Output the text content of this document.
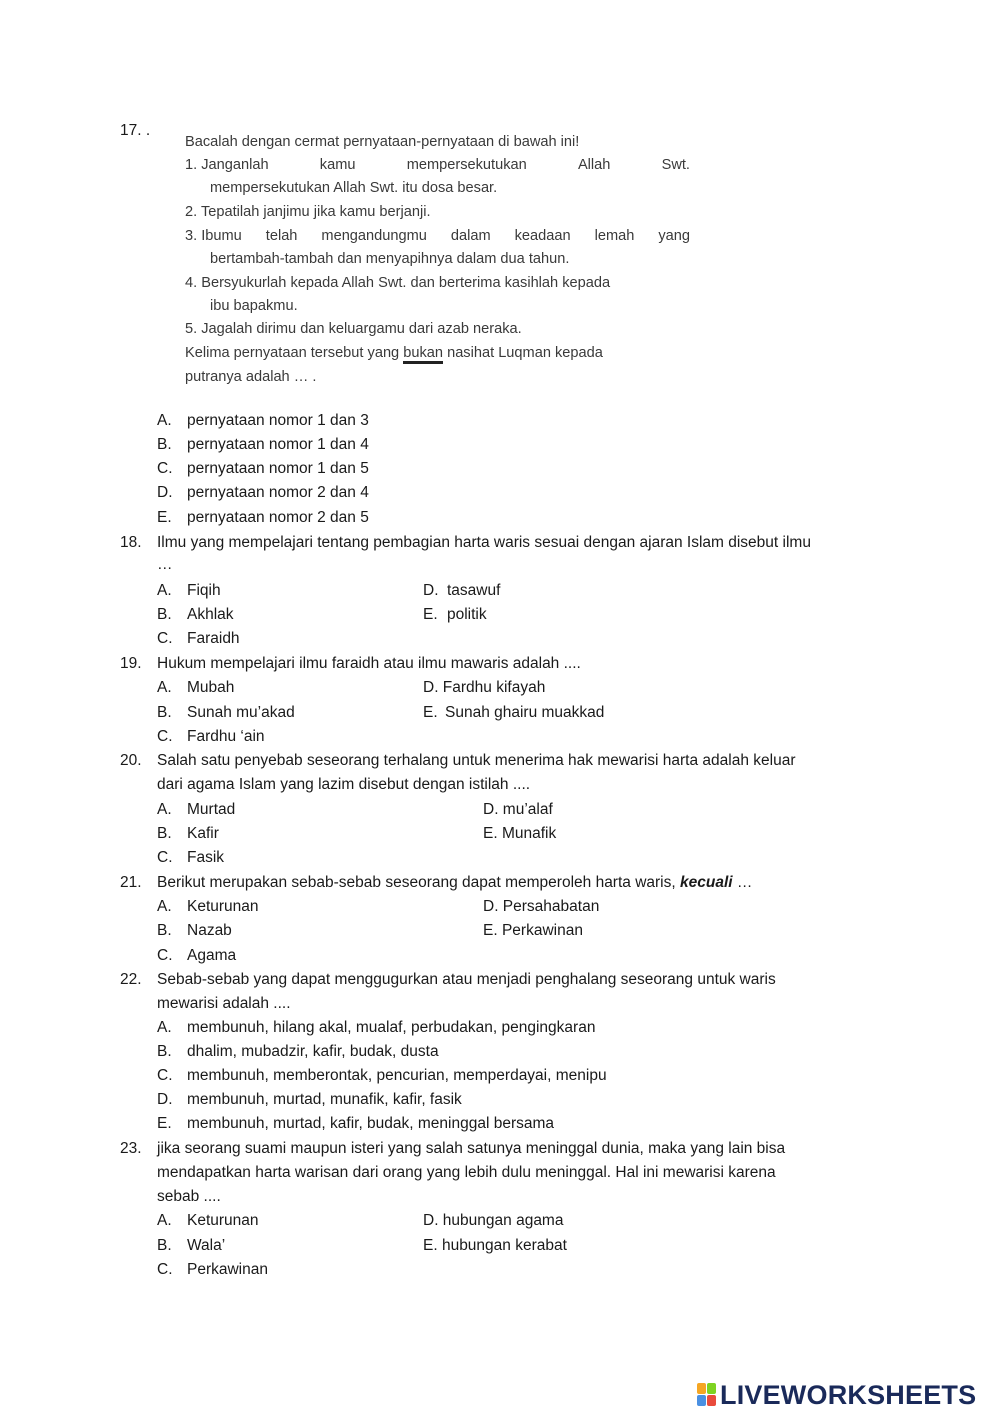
17. .
Bacalah dengan cermat pernyataan-pernyataan di bawah ini!
1. Janganlah	kamu	mempersekutukan	Allah	Swt.
mempersekutukan Allah Swt. itu dosa besar.
2. Tepatilah janjimu jika kamu berjanji.
3. Ibumu telah mengandungmu dalam keadaan lemah yang
bertambah-tambah dan menyapihnya dalam dua tahun.
4. Bersyukurlah kepada Allah Swt. dan berterima kasihlah kepada
ibu bapakmu.
5. Jagalah dirimu dan keluargamu dari azab neraka.
Kelima pernyataan tersebut yang bukan nasihat Luqman kepada
putranya adalah … .
A. pernyataan nomor 1 dan 3
B. pernyataan nomor 1 dan 4
C. pernyataan nomor 1 dan 5
D. pernyataan nomor 2 dan 4
E. pernyataan nomor 2 dan 5
18. Ilmu yang mempelajari tentang pembagian harta waris sesuai dengan ajaran Islam disebut ilmu
…
A. Fiqih	D. tasawuf
B. Akhlak	E. politik
C. Faraidh
19. Hukum mempelajari ilmu faraidh atau ilmu mawaris adalah ....
A. Mubah	D. Fardhu kifayah
B. Sunah mu’akad	E. Sunah ghairu muakkad
C. Fardhu ‘ain
20. Salah satu penyebab seseorang terhalang untuk menerima hak mewarisi harta adalah keluar
dari agama Islam yang lazim disebut dengan istilah ....
A. Murtad	D. mu’alaf
B. Kafir	E. Munafik
C. Fasik
21. Berikut merupakan sebab-sebab seseorang dapat memperoleh harta waris, kecuali …
A. Keturunan	D. Persahabatan
B. Nazab	E. Perkawinan
C. Agama
22. Sebab-sebab yang dapat menggugurkan atau menjadi penghalang seseorang untuk waris
mewarisi adalah ....
A. membunuh, hilang akal, mualaf, perbudakan, pengingkaran
B. dhalim, mubadzir, kafir, budak, dusta
C. membunuh, memberontak, pencurian, memperdayai, menipu
D. membunuh, murtad, munafik, kafir, fasik
E. membunuh, murtad, kafir, budak, meninggal bersama
23. jika seorang suami maupun isteri yang salah satunya meninggal dunia, maka yang lain bisa
mendapatkan harta warisan dari orang yang lebih dulu meninggal. Hal ini mewarisi karena
sebab ....
A. Keturunan	D. hubungan agama
B. Wala’	E. hubungan kerabat
C. Perkawinan
LIVEWORKSHEETS
